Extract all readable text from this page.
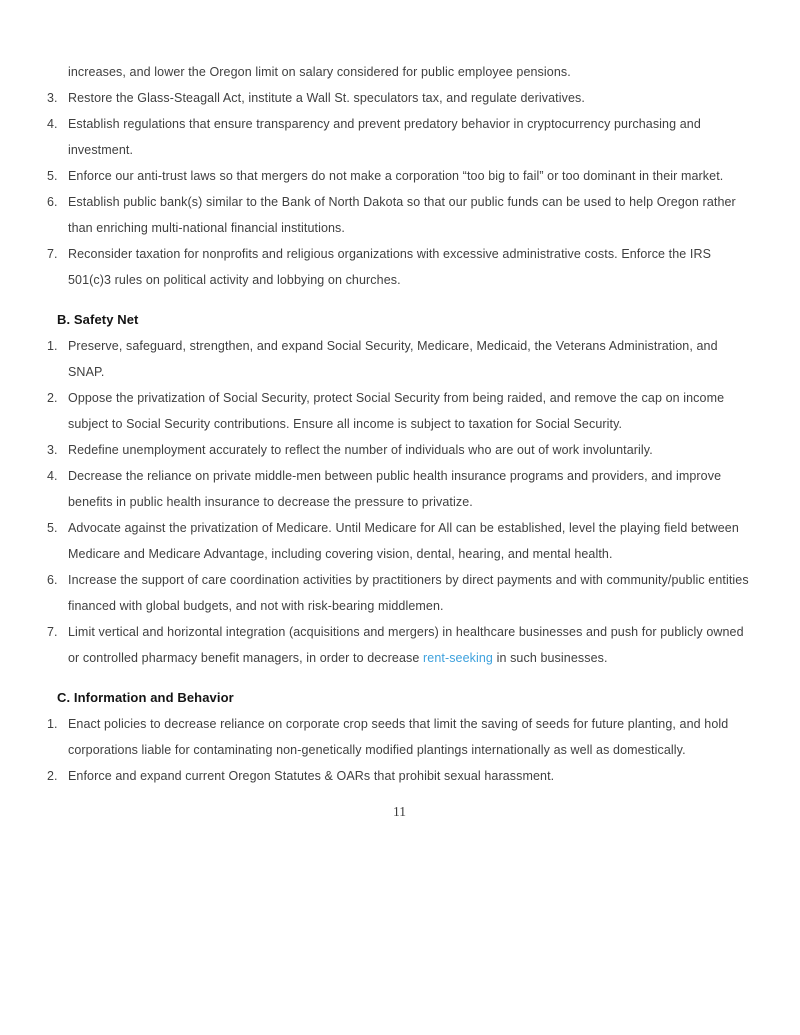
increases, and lower the Oregon limit on salary considered for public employee pensions.
3. Restore the Glass-Steagall Act, institute a Wall St. speculators tax, and regulate derivatives.
4. Establish regulations that ensure transparency and prevent predatory behavior in cryptocurrency purchasing and investment.
5. Enforce our anti-trust laws so that mergers do not make a corporation “too big to fail” or too dominant in their market.
6. Establish public bank(s) similar to the Bank of North Dakota so that our public funds can be used to help Oregon rather than enriching multi-national financial institutions.
7. Reconsider taxation for nonprofits and religious organizations with excessive administrative costs. Enforce the IRS 501(c)3 rules on political activity and lobbying on churches.
B. Safety Net
1. Preserve, safeguard, strengthen, and expand Social Security, Medicare, Medicaid, the Veterans Administration, and SNAP.
2. Oppose the privatization of Social Security, protect Social Security from being raided, and remove the cap on income subject to Social Security contributions. Ensure all income is subject to taxation for Social Security.
3. Redefine unemployment accurately to reflect the number of individuals who are out of work involuntarily.
4. Decrease the reliance on private middle-men between public health insurance programs and providers, and improve benefits in public health insurance to decrease the pressure to privatize.
5. Advocate against the privatization of Medicare. Until Medicare for All can be established, level the playing field between Medicare and Medicare Advantage, including covering vision, dental, hearing, and mental health.
6. Increase the support of care coordination activities by practitioners by direct payments and with community/public entities financed with global budgets, and not with risk-bearing middlemen.
7. Limit vertical and horizontal integration (acquisitions and mergers) in healthcare businesses and push for publicly owned or controlled pharmacy benefit managers, in order to decrease rent-seeking in such businesses.
C. Information and Behavior
1. Enact policies to decrease reliance on corporate crop seeds that limit the saving of seeds for future planting, and hold corporations liable for contaminating non-genetically modified plantings internationally as well as domestically.
2. Enforce and expand current Oregon Statutes & OARs that prohibit sexual harassment.
11
